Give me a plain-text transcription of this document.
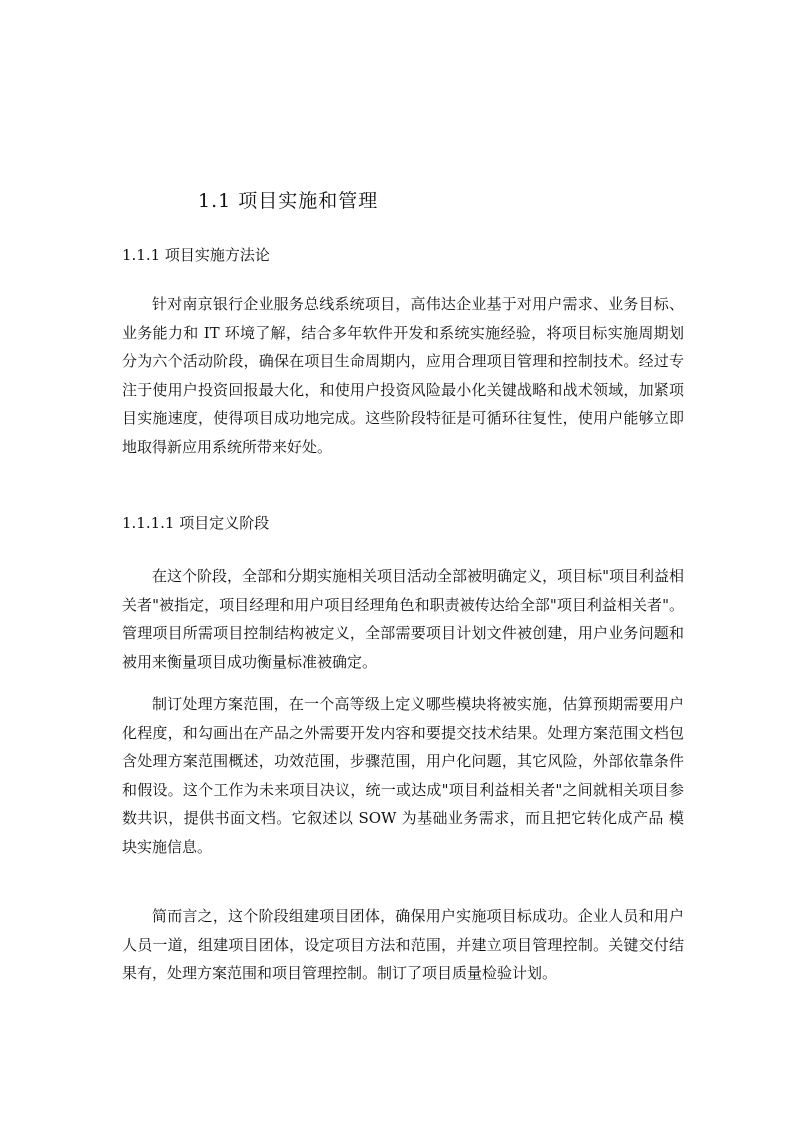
1.1 项目实施和管理
1.1.1 项目实施方法论

针对南京银行企业服务总线系统项目，高伟达企业基于对用户需求、业务目标、业务能力和 IT 环境了解，结合多年软件开发和系统实施经验，将项目标实施周期划分为六个活动阶段，确保在项目生命周期内，应用合理项目管理和控制技术。经过专注于使用户投资回报最大化，和使用户投资风险最小化关键战略和战术领域，加紧项目实施速度，使得项目成功地完成。这些阶段特征是可循环往复性，使用户能够立即地取得新应用系统所带来好处。

1.1.1.1 项目定义阶段

在这个阶段，全部和分期实施相关项目活动全部被明确定义，项目标"项目利益相关者"被指定，项目经理和用户项目经理角色和职责被传达给全部"项目利益相关者"。管理项目所需项目控制结构被定义，全部需要项目计划文件被创建，用户业务问题和被用来衡量项目成功衡量标准被确定。

制订处理方案范围，在一个高等级上定义哪些模块将被实施，估算预期需要用户化程度，和勾画出在产品之外需要开发内容和要提交技术结果。处理方案范围文档包含处理方案范围概述，功效范围，步骤范围，用户化问题，其它风险，外部依靠条件和假设。这个工作为未来项目决议，统一或达成"项目利益相关者"之间就相关项目参数共识，提供书面文档。它叙述以 SOW 为基础业务需求，而且把它转化成产品 模块实施信息。

简而言之，这个阶段组建项目团体，确保用户实施项目标成功。企业人员和用户人员一道，组建项目团体，设定项目方法和范围，并建立项目管理控制。关键交付结果有，处理方案范围和项目管理控制。制订了项目质量检验计划。
